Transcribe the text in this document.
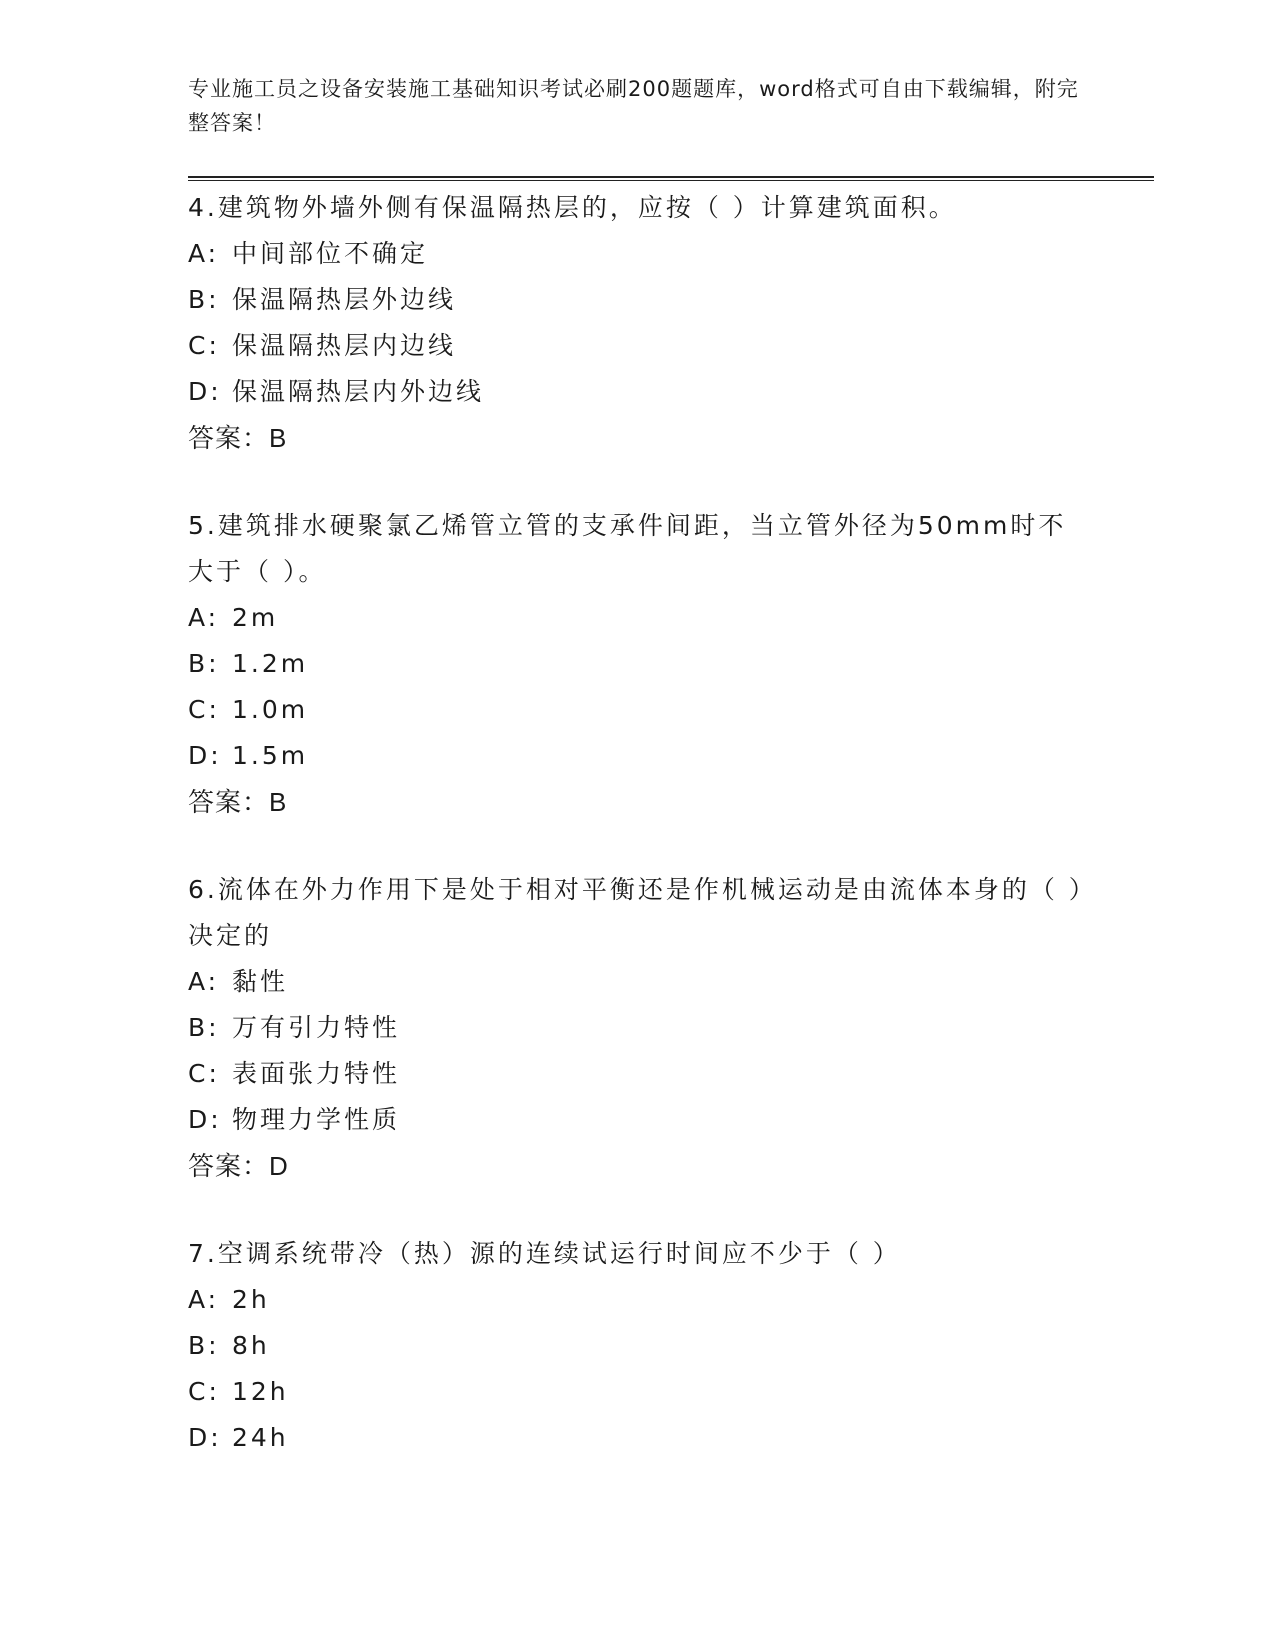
专业施工员之设备安装施工基础知识考试必刷200题题库，word格式可自由下载编辑，附完整答案！

4.建筑物外墙外侧有保温隔热层的，应按（ ）计算建筑面积。

A: 中间部位不确定
B: 保温隔热层外边线
C: 保温隔热层内边线
D: 保温隔热层内外边线

答案：B

5.建筑排水硬聚氯乙烯管立管的支承件间距，当立管外径为50mm时不大于（ ）。

A: 2m
B: 1.2m
C: 1.0m
D: 1.5m

答案：B

6.流体在外力作用下是处于相对平衡还是作机械运动是由流体本身的（ ）决定的

A: 黏性
B: 万有引力特性
C: 表面张力特性
D: 物理力学性质

答案：D

7.空调系统带冷（热）源的连续试运行时间应不少于（ ）

A: 2h
B: 8h
C: 12h
D: 24h
